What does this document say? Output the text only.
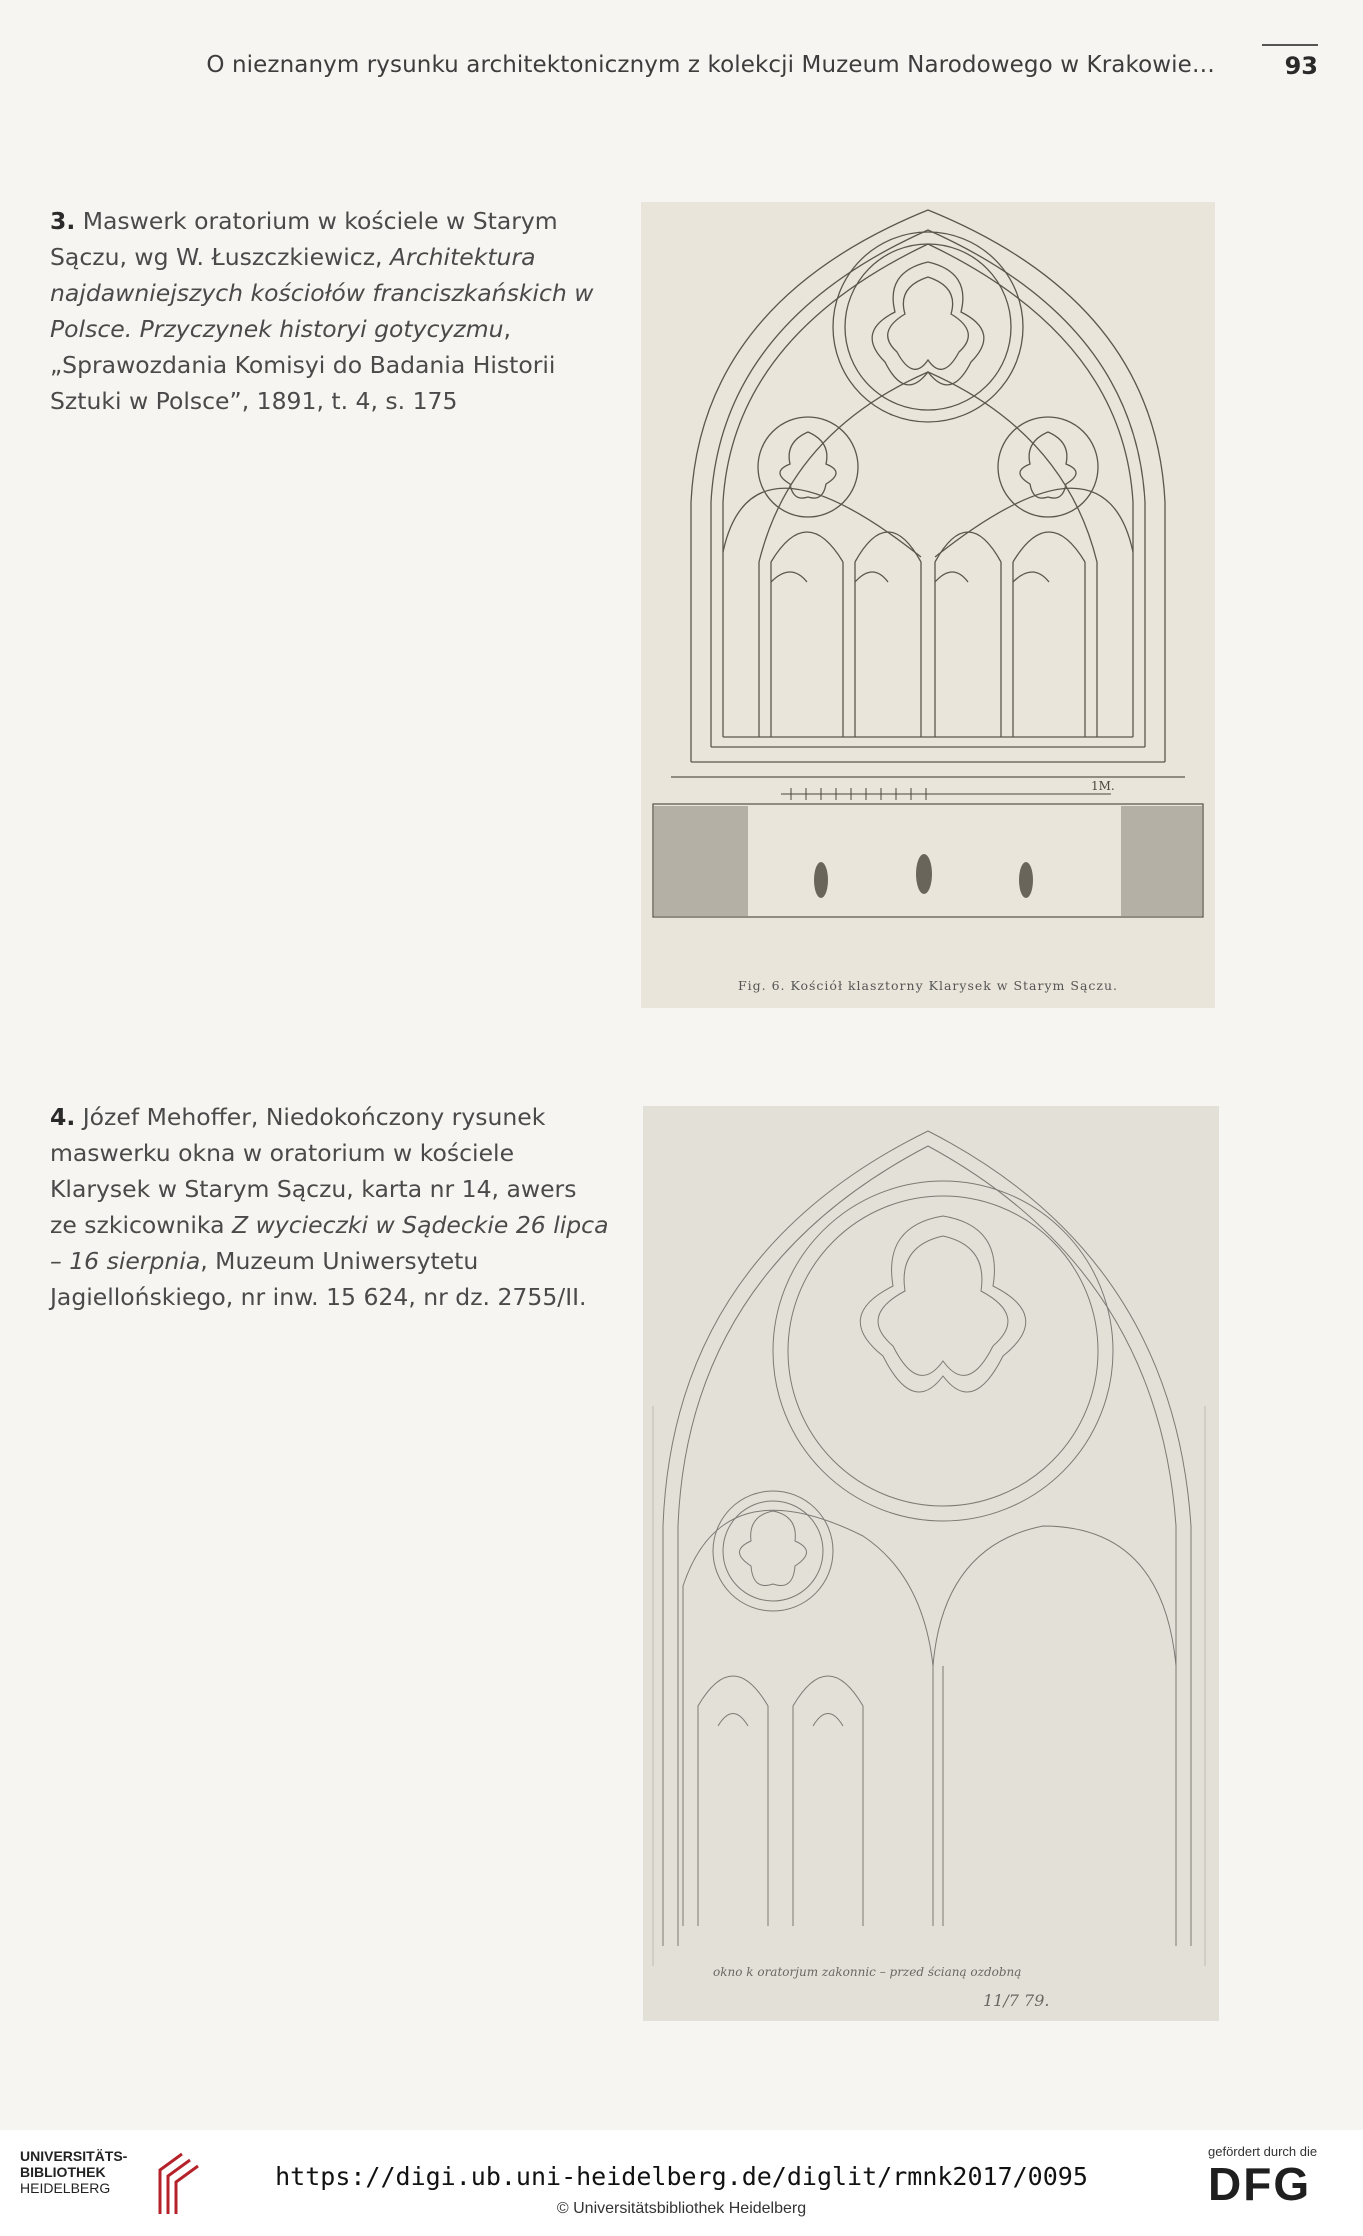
O nieznanym rysunku architektonicznym z kolekcji Muzeum Narodowego w Krakowie…	93
3. Maswerk oratorium w kościele w Starym Sączu, wg W. Łuszczkiewicz, Architektura najdawniejszych kościołów franciszkańskich w Polsce. Przyczynek historyi gotycyzmu, „Sprawozdania Komisyi do Badania Historii Sztuki w Polsce”, 1891, t. 4, s. 175
1M.
Fig. 6. Kościół klasztorny Klarysek w Starym Sączu.
4. Józef Mehoffer, Niedokończony rysunek maswerku okna w oratorium w kościele Klarysek w Starym Sączu, karta nr 14, awers ze szkicownika Z wycieczki w Sądeckie 26 lipca – 16 sierpnia, Muzeum Uniwersytetu Jagiellońskiego, nr inw. 15 624, nr dz. 2755/II.
okno k oratorjum zakonnic – przed ścianą ozdobną
11/7 79.
UNIVERSITÄTS-
BIBLIOTHEK
HEIDELBERG	https://digi.ub.uni-heidelberg.de/diglit/rmnk2017/0095
© Universitätsbibliothek Heidelberg
gefördert durch die
DFG
